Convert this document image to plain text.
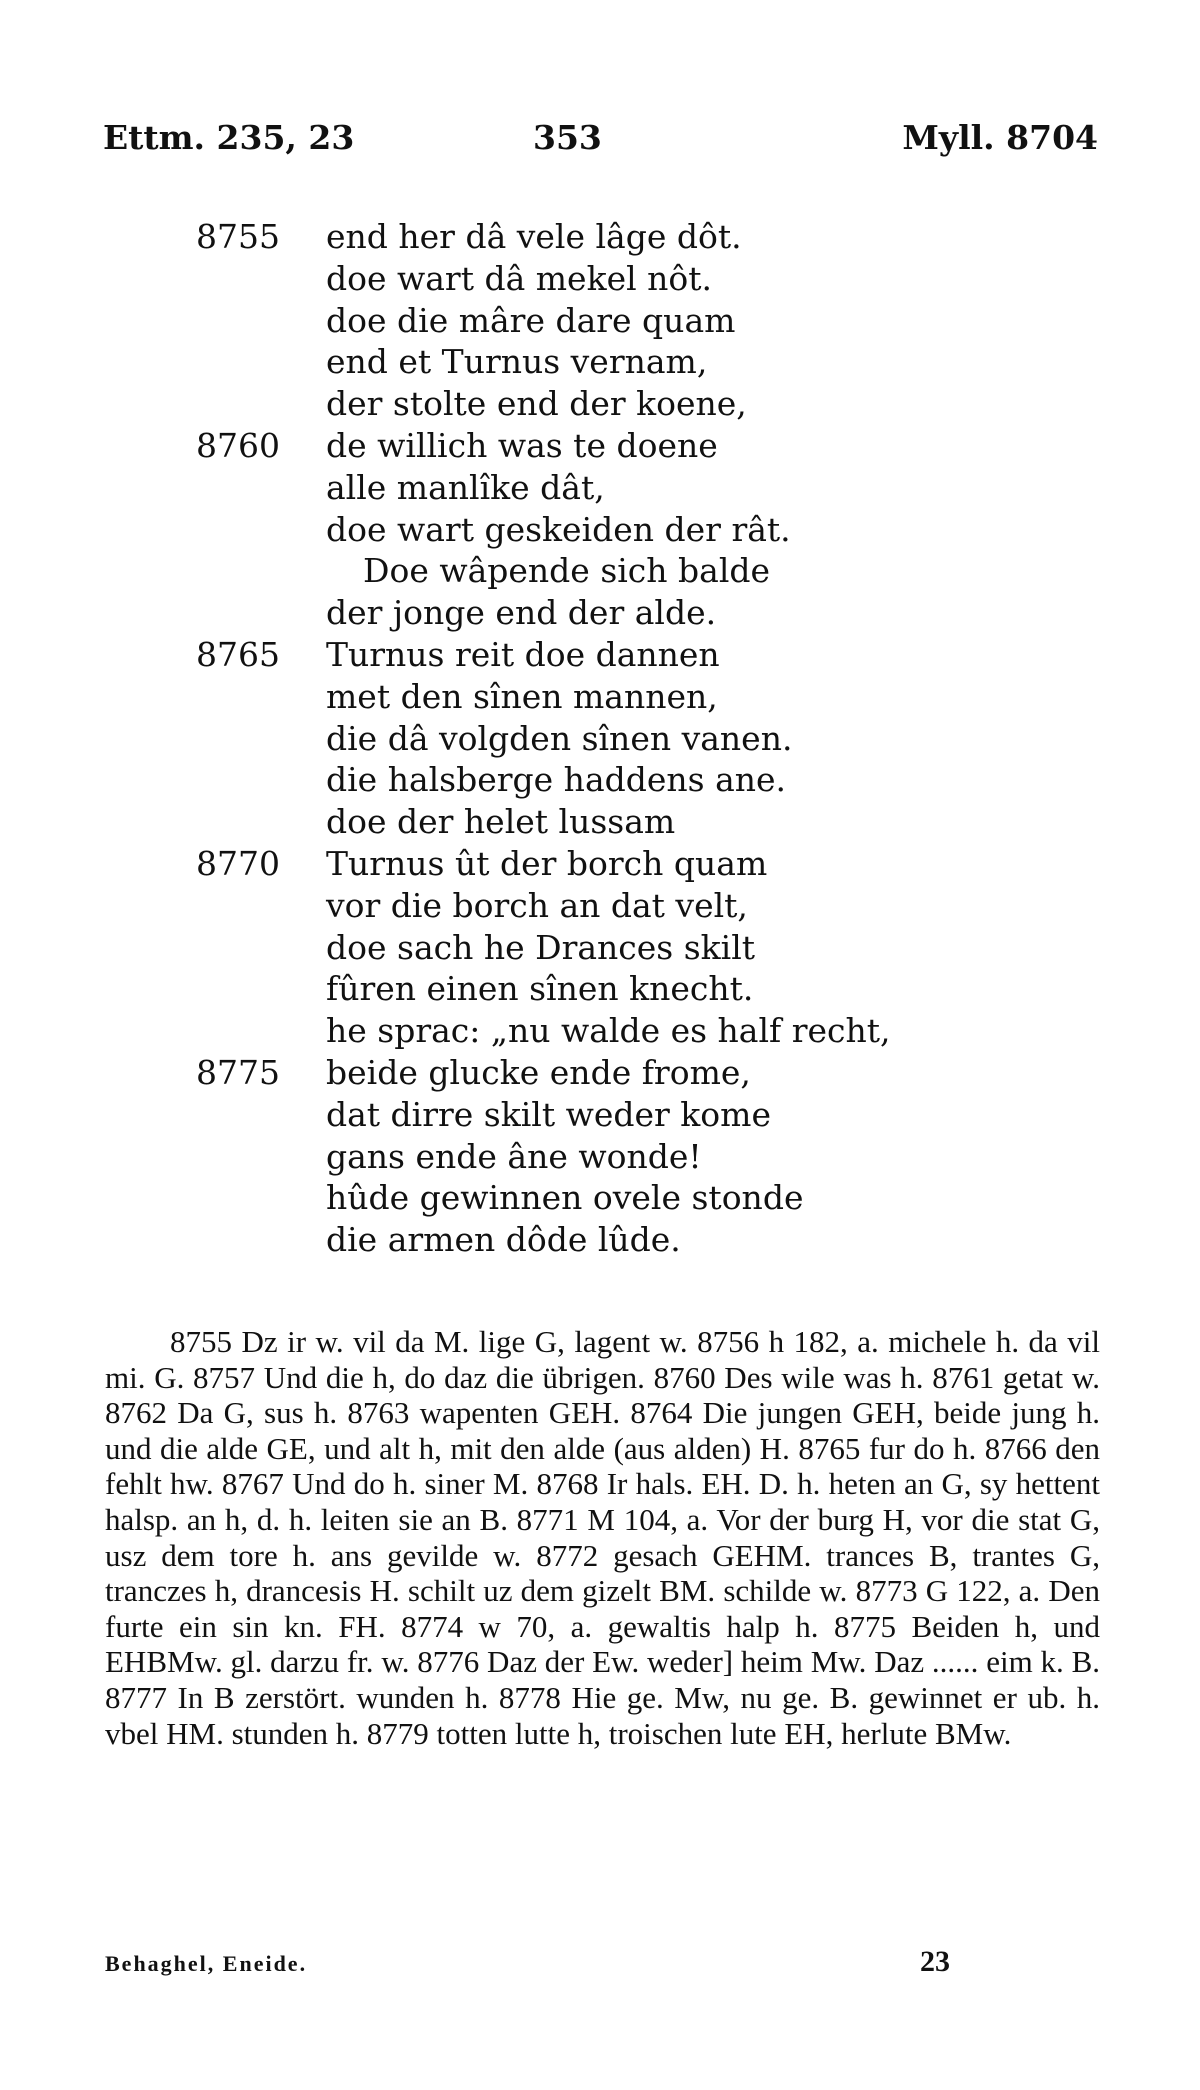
Ettm. 235, 23	353	Myll. 8704
8755	end her dâ vele lâge dôt.
doe wart dâ mekel nôt.
doe die mâre dare quam
end et Turnus vernam,
der stolte end der koene,
8760	de willich was te doene
alle manlîke dât,
doe wart geskeiden der rât.
Doe wâpende sich balde
der jonge end der alde.
8765	Turnus reit doe dannen
met den sînen mannen,
die dâ volgden sînen vanen.
die halsberge haddens ane.
doe der helet lussam
8770	Turnus ût der borch quam
vor die borch an dat velt,
doe sach he Drances skilt
fûren einen sînen knecht.
he sprac: „nu walde es half recht,
8775	beide glucke ende frome,
dat dirre skilt weder kome
gans ende âne wonde!
hûde gewinnen ovele stonde
die armen dôde lûde.

8755 Dz ir w. vil da M. lige G, lagent w. 8756 h 182, a. michele h. da vil mi. G. 8757 Und die h, do daz die übrigen. 8760 Des wile was h. 8761 getat w. 8762 Da G, sus h. 8763 wapenten GEH. 8764 Die jungen GEH, beide jung h. und die alde GE, und alt h, mit den alde (aus alden) H. 8765 fur do h. 8766 den fehlt hw. 8767 Und do h. siner M. 8768 Ir hals. EH. D. h. heten an G, sy hettent halsp. an h, d. h. leiten sie an B. 8771 M 104, a. Vor der burg H, vor die stat G, usz dem tore h. ans gevilde w. 8772 gesach GEHM. trances B, trantes G, tranczes h, drancesis H. schilt uz dem gizelt BM. schilde w. 8773 G 122, a. Den furte ein sin kn. FH. 8774 w 70, a. gewaltis halp h. 8775 Beiden h, und EHBMw. gl. darzu fr. w. 8776 Daz der Ew. weder] heim Mw. Daz ...... eim k. B. 8777 In B zerstört. wunden h. 8778 Hie ge. Mw, nu ge. B. gewinnet er ub. h. vbel HM. stunden h. 8779 totten lutte h, troischen lute EH, herlute BMw.

Behaghel, Eneide.	23
